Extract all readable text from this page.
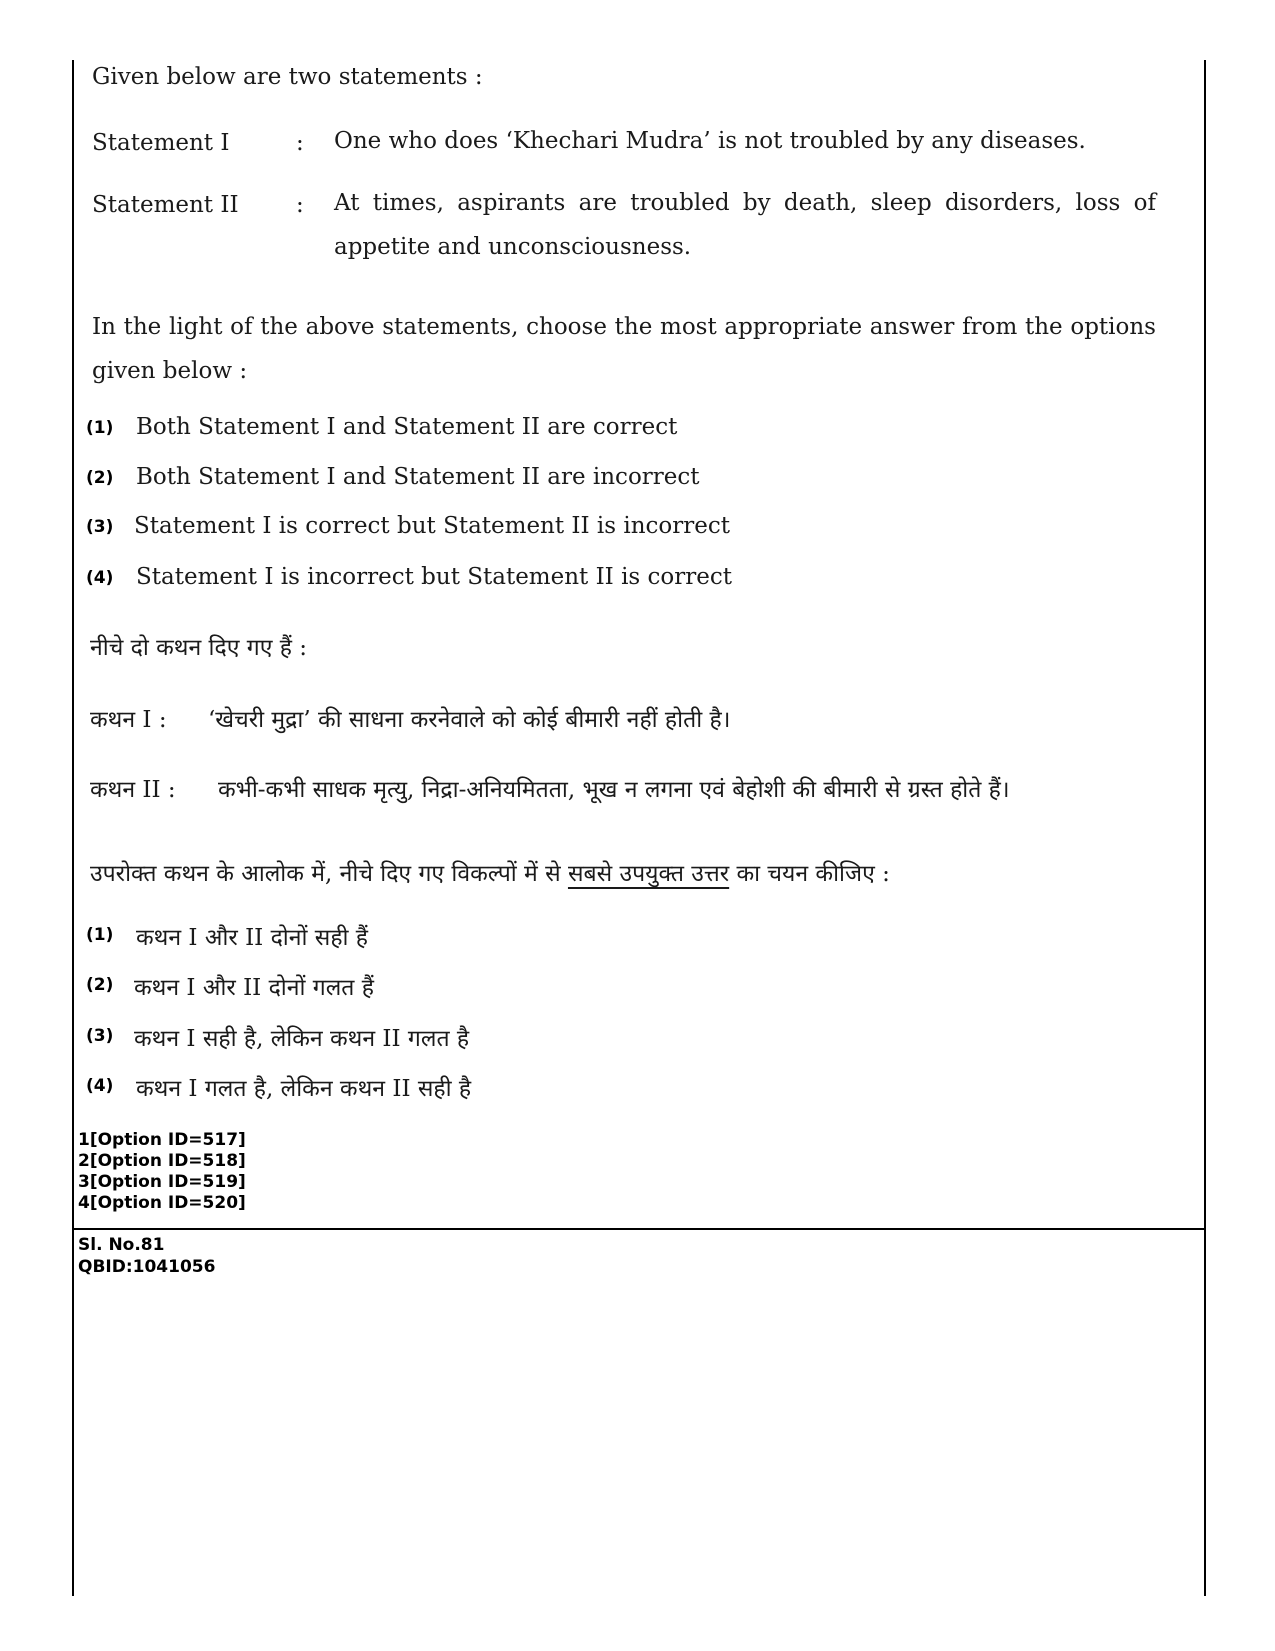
Given below are two statements :
Statement I	: One who does ‘Khechari Mudra’ is not troubled by any diseases.
Statement II : At times, aspirants are troubled by death, sleep disorders, loss of appetite and unconsciousness.
In the light of the above statements, choose the most appropriate answer from the options given below :
(1) Both Statement I and Statement II are correct
(2) Both Statement I and Statement II are incorrect
(3) Statement I is correct but Statement II is incorrect
(4) Statement I is incorrect but Statement II is correct
नीचे दो कथन दिए गए हैं :
कथन I : ‘खेचरी मुद्रा’ की साधना करनेवाले को कोई बीमारी नहीं होती है।
कथन II : कभी-कभी साधक मृत्यु, निद्रा-अनियमितता, भूख न लगना एवं बेहोशी की बीमारी से ग्रस्त होते हैं।
उपरोक्त कथन के आलोक में, नीचे दिए गए विकल्पों में से सबसे उपयुक्त उत्तर का चयन कीजिए :
(1) कथन I और II दोनों सही हैं
(2) कथन I और II दोनों गलत हैं
(3) कथन I सही है, लेकिन कथन II गलत है
(4) कथन I गलत है, लेकिन कथन II सही है
1[Option ID=517]
2[Option ID=518]
3[Option ID=519]
4[Option ID=520]
Sl. No.81
QBID:1041056
